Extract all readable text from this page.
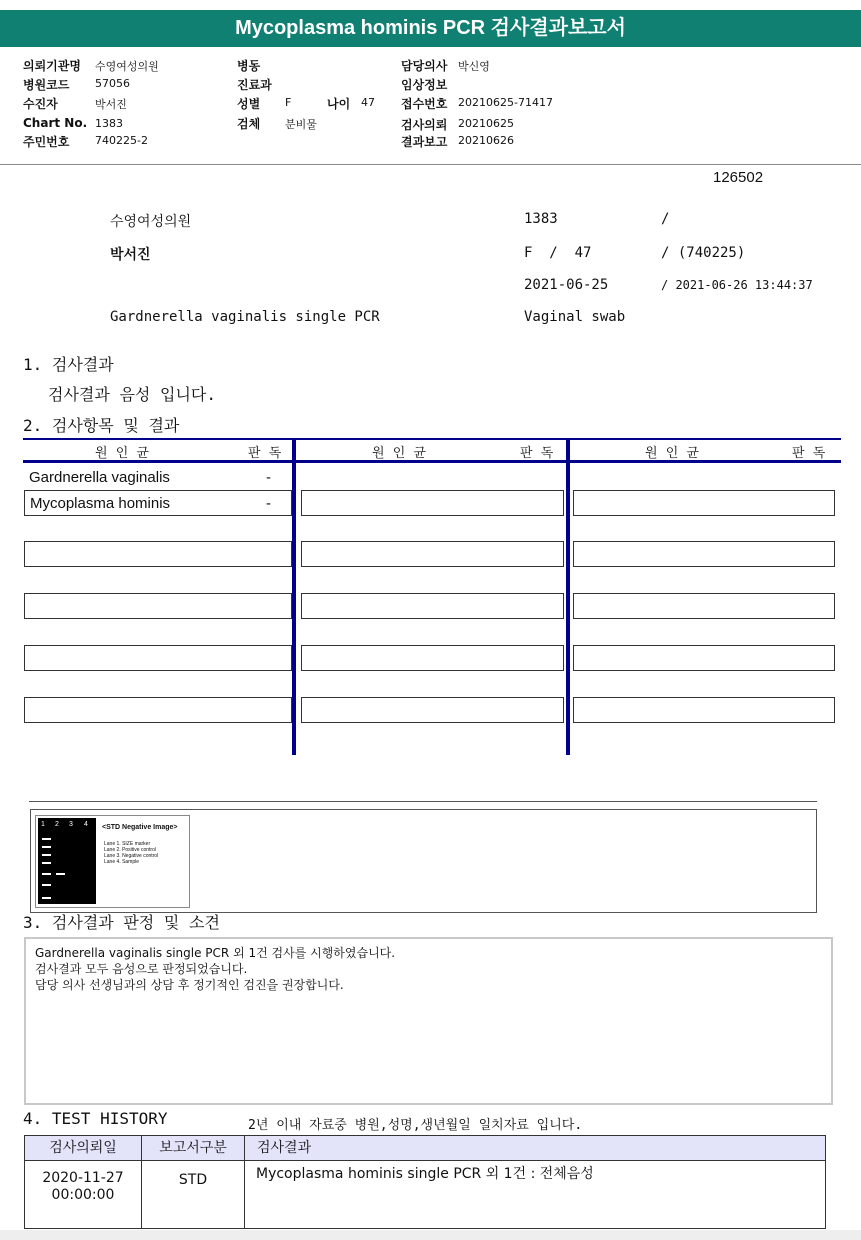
Mycoplasma hominis PCR 검사결과보고서
의뢰기관명 수영여성의원
병원코드 57056
수진자	박서진
Chart No. 1383
주민번호 740225-2
병동
진료과
성별 F	나이 47
검체 분비물
담당의사 박신영
임상정보
접수번호 20210625-71417
검사의뢰 20210625
결과보고 20210626
126502
수영여성의원	1383	/
박서진	F  /  47	/ (740225)
2021-06-25	/ 2021-06-26 13:44:37
Gardnerella vaginalis single PCR	Vaginal swab
1. 검사결과
검사결과 음성 입니다.
2. 검사항목 및 결과
원 인 균	판 독	원 인 균	판 독	원 인 균	판 독
Gardnerella vaginalis	-
Mycoplasma hominis	-
1 2 3 4 <STD Negative Image>
Lane 1. SIZE marker
Lane 2. Positive control
Lane 3. Negative control
Lane 4. Sample
3. 검사결과 판정 및 소견
Gardnerella vaginalis single PCR 외 1건 검사를 시행하였습니다.
검사결과 모두 음성으로 판정되었습니다.
담당 의사 선생님과의 상담 후 정기적인 검진을 권장합니다.
4. TEST HISTORY	2년 이내 자료중 병원,성명,생년월일 일치자료 입니다.
검사의뢰일	보고서구분	검사결과
2020-11-27
00:00:00
STD	Mycoplasma hominis single PCR 외 1건 : 전체음성
